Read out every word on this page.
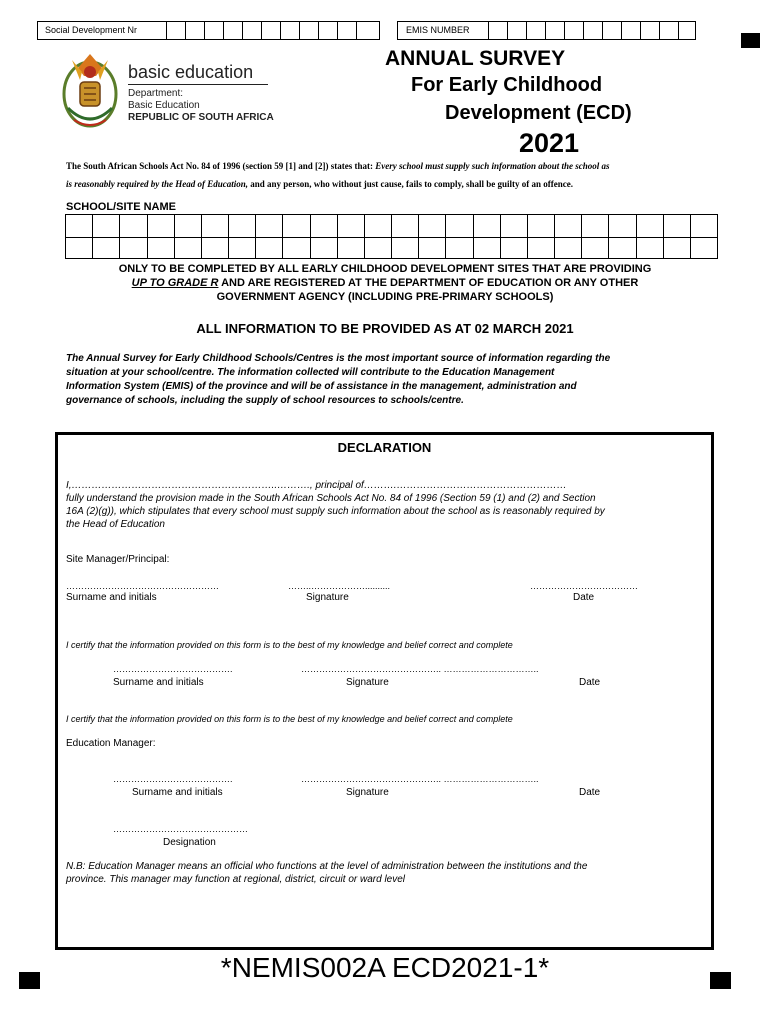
Social Development Nr	EMIS NUMBER
basic education
Department:
Basic Education
REPUBLIC OF SOUTH AFRICA
ANNUAL SURVEY
For Early Childhood
Development (ECD)
2021
The South African Schools Act No. 84 of 1996 (section 59 [1] and [2]) states that: Every school must supply such information about the school as
is reasonably required by the Head of Education, and any person, who without just cause, fails to comply, shall be guilty of an offence.
SCHOOL/SITE NAME
ONLY TO BE COMPLETED BY ALL EARLY CHILDHOOD DEVELOPMENT SITES THAT ARE PROVIDING
UP TO GRADE R AND ARE REGISTERED AT THE DEPARTMENT OF EDUCATION OR ANY OTHER
GOVERNMENT AGENCY (INCLUDING PRE-PRIMARY SCHOOLS)
ALL INFORMATION TO BE PROVIDED AS AT 02 MARCH 2021
The Annual Survey for Early Childhood Schools/Centres is the most important source of information regarding the
situation at your school/centre. The information collected will contribute to the Education Management
Information System (EMIS) of the province and will be of assistance in the management, administration and
governance of schools, including the supply of school resources to schools/centre.
DECLARATION
I,……………………………………………………..………., principal of……….……………………………………………
fully understand the provision made in the South African Schools Act No. 84 of 1996 (Section 59 (1) and (2) and Section
16A (2)(g)), which stipulates that every school must supply such information about the school as is reasonably required by
the Head of Education
Site Manager/Principal:
……………………………………………	……..………………..........	………………………………
Surname and initials	Signature	Date
I certify that the information provided on this form is to the best of my knowledge and belief correct and complete
………………………………….	……………………………………….. …………………………..
Surname and initials	Signature	Date
I certify that the information provided on this form is to the best of my knowledge and belief correct and complete
Education Manager:
………………………………….	……………………………………….. …………………………..
Surname and initials	Signature	Date
………………………………………
Designation
N.B: Education Manager means an official who functions at the level of administration between the institutions and the
province. This manager may function at regional, district, circuit or ward level
*NEMIS002A ECD2021-1*
